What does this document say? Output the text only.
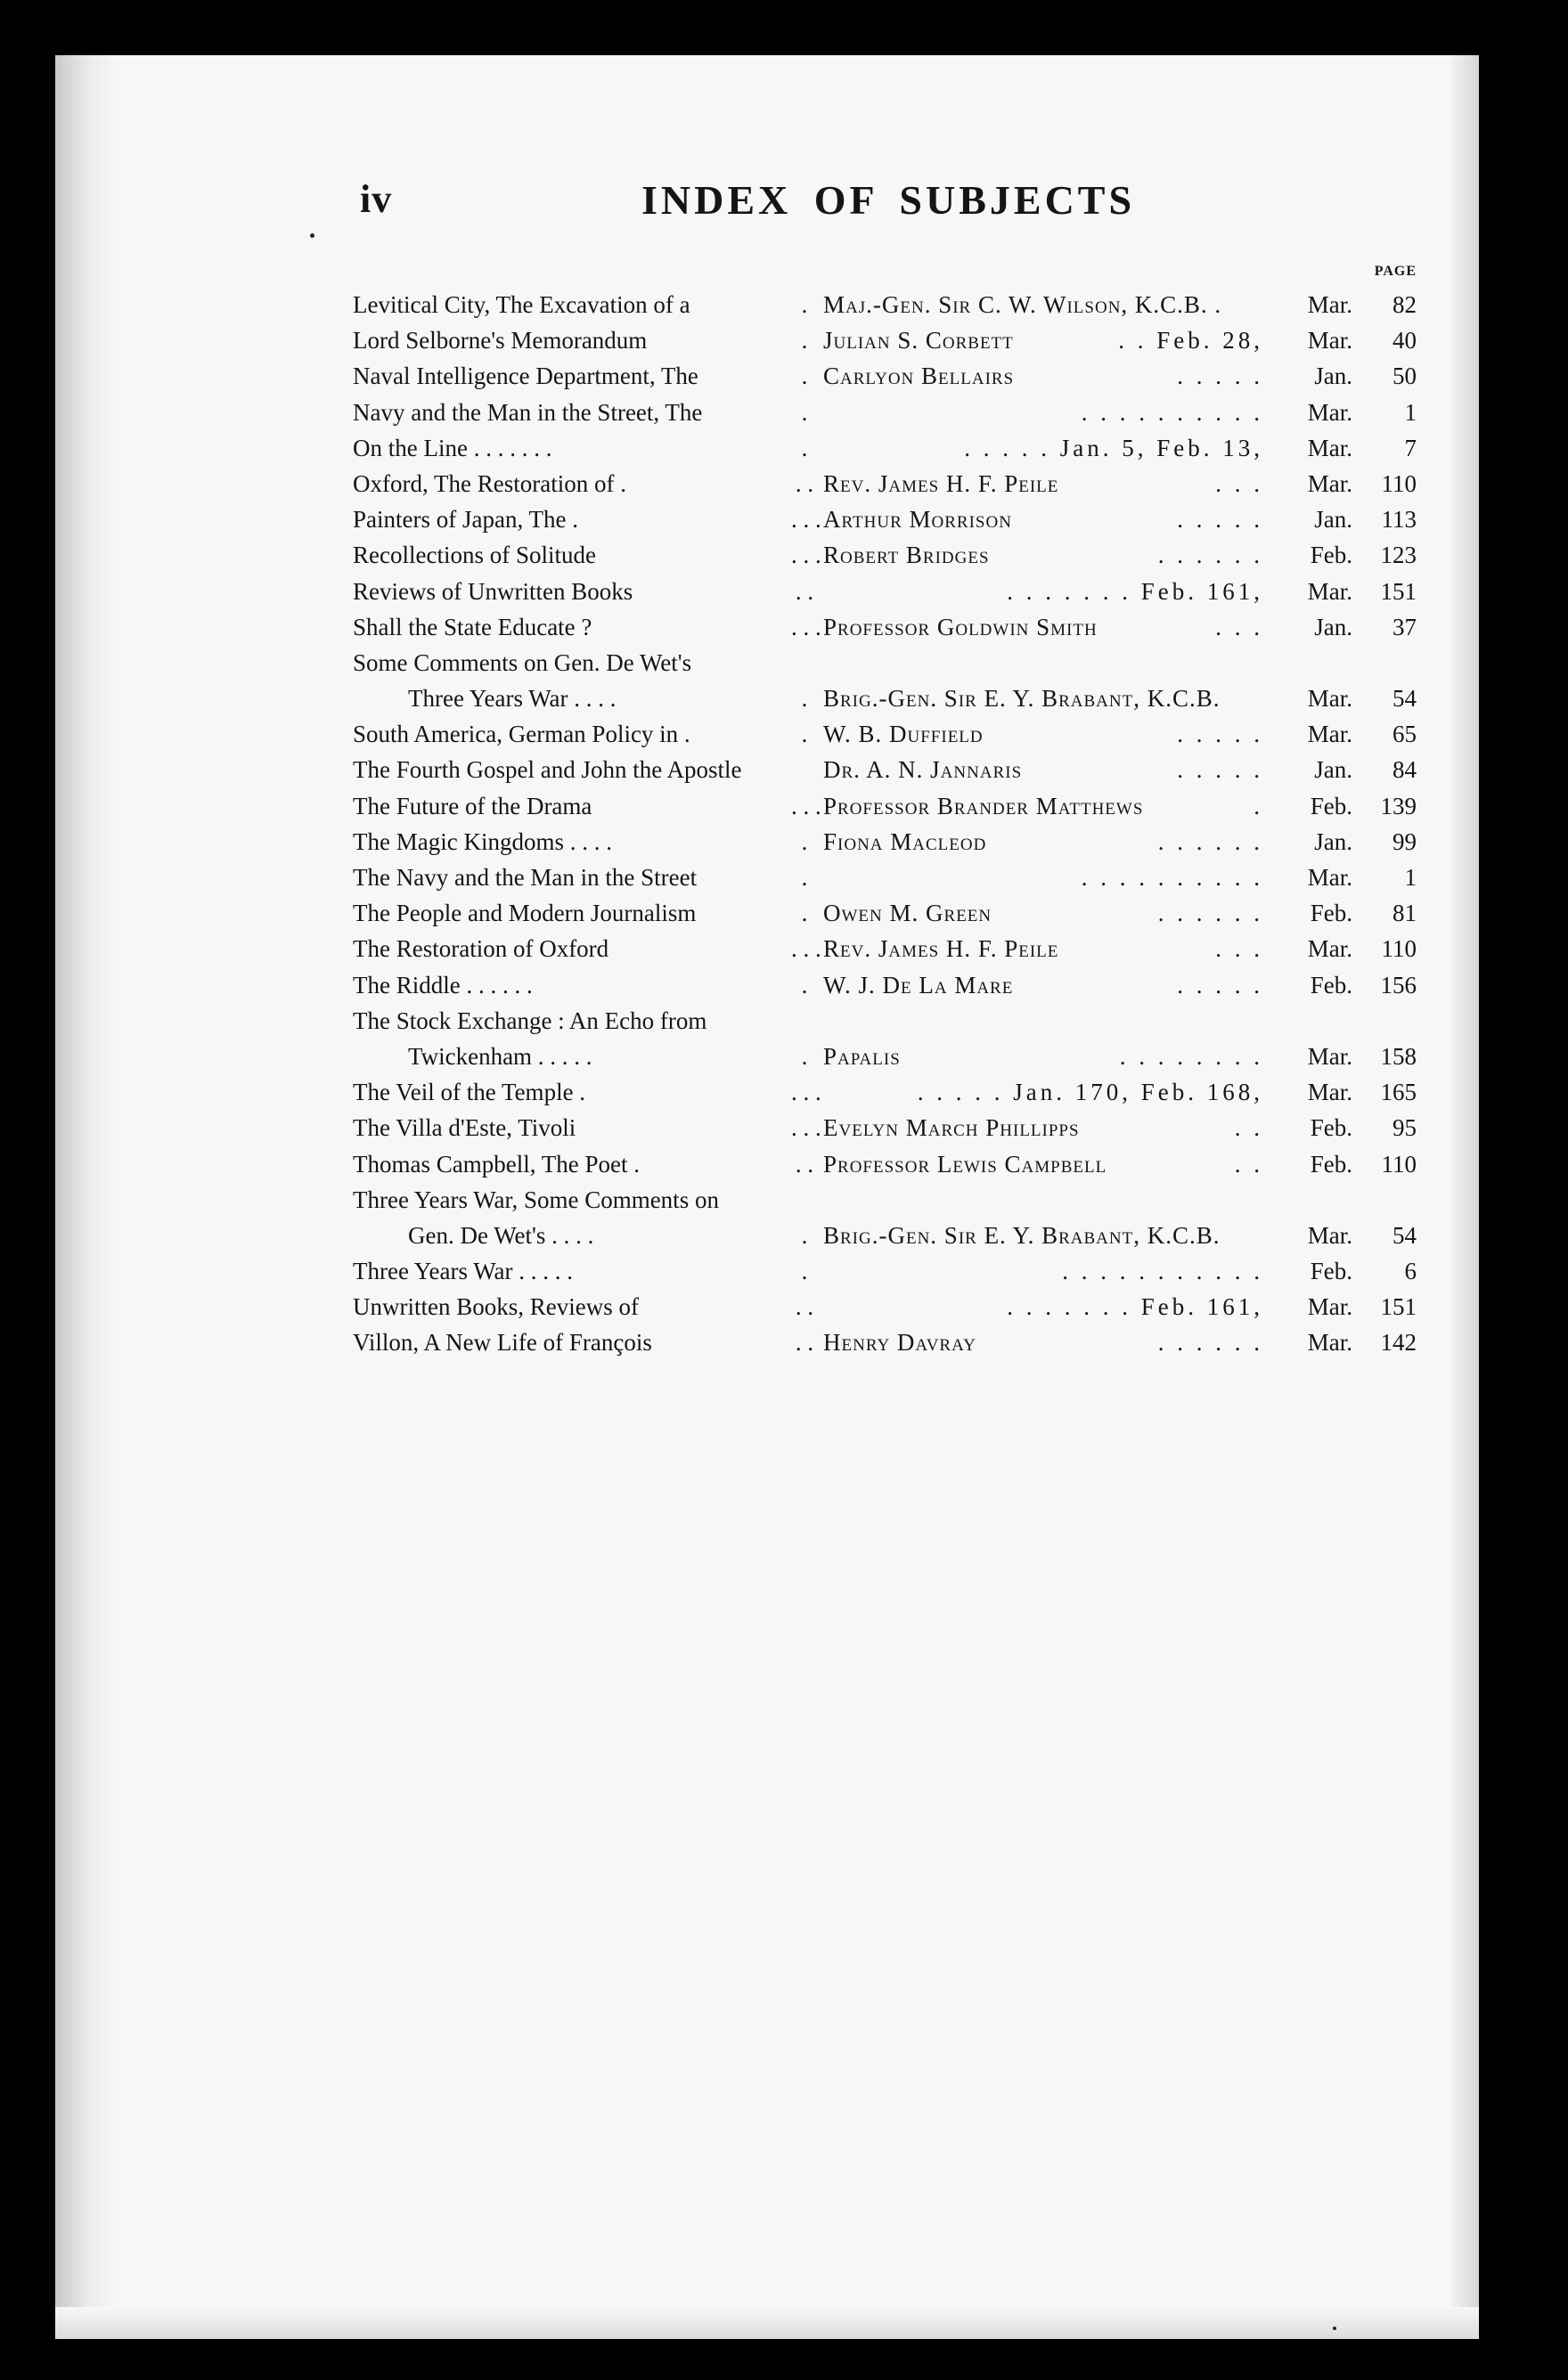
iv	INDEX OF SUBJECTS
PAGE
Levitical City, The Excavation of a	. Maj.-Gen. Sir C. W. Wilson, K.C.B. .	Mar.	82
Lord Selborne's Memorandum	. Julian S. Corbett	. . Feb. 28,	Mar.	40
Naval Intelligence Department, The	. Carlyon Bellairs	. . . . .	Jan.	50
Navy and the Man in the Street, The	.	. . . . . . . . . .	Mar.	1
On the Line . . . . . . .	.	. . . . . Jan. 5, Feb. 13,	Mar.	7
Oxford, The Restoration of .	. . Rev. James H. F. Peile	. . .	Mar.	110
Painters of Japan, The .	. . . Arthur Morrison	. . . . .	Jan.	113
Recollections of Solitude	. . . Robert Bridges	. . . . . .	Feb.	123
Reviews of Unwritten Books	. .	. . . . . . . Feb. 161,	Mar.	151
Shall the State Educate ?	. . . Professor Goldwin Smith	. . .	Jan.	37
Some Comments on Gen. De Wet's
Three Years War . . . .	. Brig.-Gen. Sir E. Y. Brabant, K.C.B.	Mar.	54
South America, German Policy in .	. W. B. Duffield	. . . . .	Mar.	65
The Fourth Gospel and John the Apostle	Dr. A. N. Jannaris	. . . . .	Jan.	84
The Future of the Drama	. . . Professor Brander Matthews	.	Feb.	139
The Magic Kingdoms . . . .	. Fiona Macleod	. . . . . .	Jan.	99
The Navy and the Man in the Street	.	. . . . . . . . . .	Mar.	1
The People and Modern Journalism	. Owen M. Green	. . . . . .	Feb.	81
The Restoration of Oxford	. . . Rev. James H. F. Peile	. . .	Mar.	110
The Riddle . . . . . .	. W. J. De La Mare	. . . . .	Feb.	156
The Stock Exchange : An Echo from
Twickenham . . . . .	. Papalis	. . . . . . . .	Mar.	158
The Veil of the Temple .	. . .	. . . . . Jan. 170, Feb. 168,	Mar.	165
The Villa d'Este, Tivoli	. . . Evelyn March Phillipps	. .	Feb.	95
Thomas Campbell, The Poet .	. . Professor Lewis Campbell	. .	Feb.	110
Three Years War, Some Comments on
Gen. De Wet's . . . .	. Brig.-Gen. Sir E. Y. Brabant, K.C.B.	Mar.	54
Three Years War . . . . .	.	. . . . . . . . . . .	Feb.	6
Unwritten Books, Reviews of	. .	. . . . . . . Feb. 161,	Mar.	151
Villon, A New Life of François	. . Henry Davray	. . . . . .	Mar.	142
